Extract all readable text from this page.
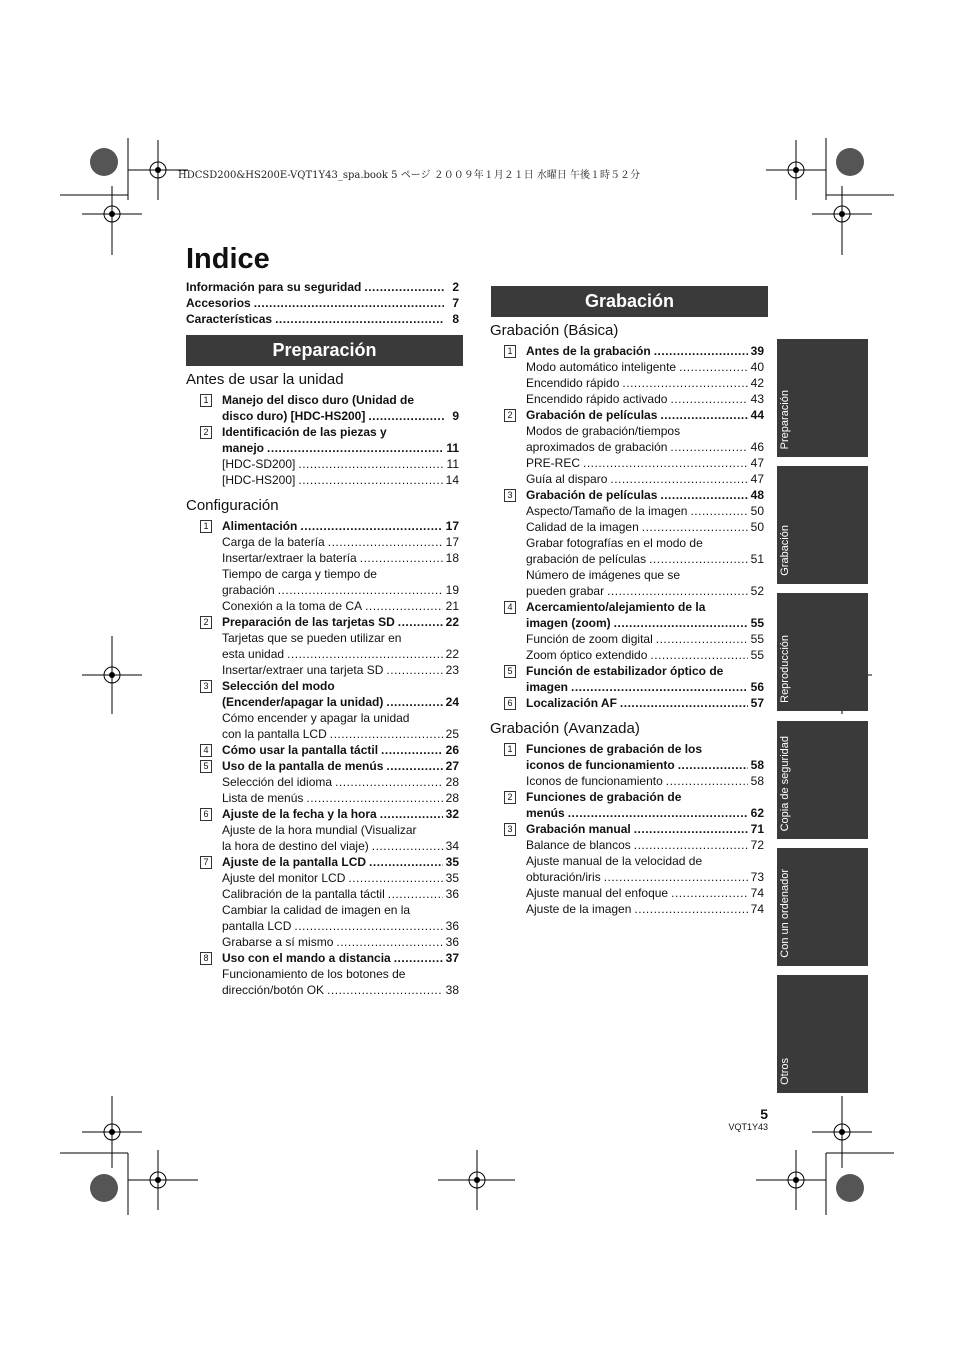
HDCSD200&HS200E-VQT1Y43_spa.book 5 ページ ２００９年１月２１日 水曜日 午後１時５２分
Indice
Información para su seguridad .....	2
Accesorios .....	7
Características .....	8
Preparación
Antes de usar la unidad
1 Manejo del disco duro (Unidad de
disco duro) [HDC-HS200] .....	9
2 Identificación de las piezas y
manejo .....	11
[HDC-SD200] .....	11
[HDC-HS200] .....	14
Configuración
1 Alimentación .....	17
Carga de la batería .....	17
Insertar/extraer la batería .....	18
Tiempo de carga y tiempo de
grabación .....	19
Conexión a la toma de CA .....	21
2 Preparación de las tarjetas SD .....	22
Tarjetas que se pueden utilizar en
esta unidad .....	22
Insertar/extraer una tarjeta SD .....	23
3 Selección del modo
(Encender/apagar la unidad) .....	24
Cómo encender y apagar la unidad
con la pantalla LCD .....	25
4 Cómo usar la pantalla táctil .....	26
5 Uso de la pantalla de menús .....	27
Selección del idioma .....	28
Lista de menús .....	28
6 Ajuste de la fecha y la hora .....	32
Ajuste de la hora mundial (Visualizar
la hora de destino del viaje) .....	34
7 Ajuste de la pantalla LCD .....	35
Ajuste del monitor LCD .....	35
Calibración de la pantalla táctil .....	36
Cambiar la calidad de imagen en la
pantalla LCD .....	36
Grabarse a sí mismo .....	36
8 Uso con el mando a distancia .....	37
Funcionamiento de los botones de
dirección/botón OK .....	38
Grabación
Grabación (Básica)
1 Antes de la grabación .....	39
Modo automático inteligente .....	40
Encendido rápido .....	42
Encendido rápido activado .....	43
2 Grabación de películas .....	44
Modos de grabación/tiempos
aproximados de grabación .....	46
PRE-REC .....	47
Guía al disparo .....	47
3 Grabación de películas .....	48
Aspecto/Tamaño de la imagen .....	50
Calidad de la imagen .....	50
Grabar fotografías en el modo de
grabación de películas .....	51
Número de imágenes que se
pueden grabar .....	52
4 Acercamiento/alejamiento de la
imagen (zoom) .....	55
Función de zoom digital .....	55
Zoom óptico extendido .....	55
5 Función de estabilizador óptico de
imagen .....	56
6 Localización AF .....	57
Grabación (Avanzada)
1 Funciones de grabación de los
iconos de funcionamiento .....	58
Iconos de funcionamiento .....	58
2 Funciones de grabación de
menús .....	62
3 Grabación manual .....	71
Balance de blancos .....	72
Ajuste manual de la velocidad de
obturación/iris .....	73
Ajuste manual del enfoque .....	74
Ajuste de la imagen .....	74
Preparación
Grabación
Reproducción
Copia de seguridad
Con un ordenador
Otros
5
VQT1Y43
